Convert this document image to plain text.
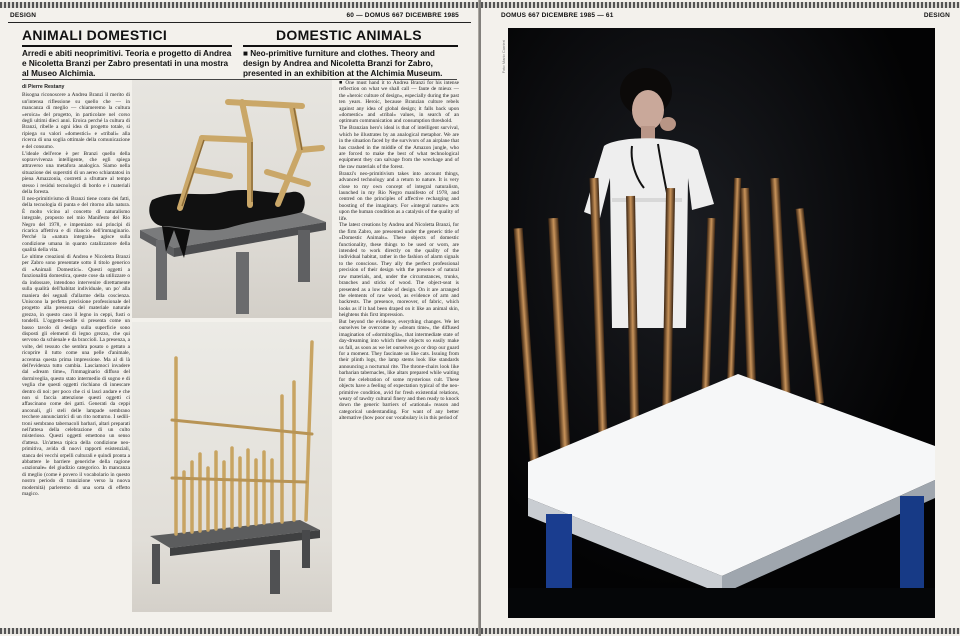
DESIGN	60 — DOMUS 667 DICEMBRE 1985
ANIMALI DOMESTICI	DOMESTIC ANIMALS
Arredi e abiti neoprimitivi. Teoria e progetto di Andrea e Nicoletta Branzi per Zabro presentati in una mostra al Museo Alchimia.
■ Neo-primitive furniture and clothes. Theory and design by Andrea and Nicoletta Branzi for Zabro, presented in an exhibition at the Alchimia Museum.
di Pierre Restany

Bisogna riconoscere a Andrea Branzi il merito di un'intensa riflessione su quello che — in mancanza di meglio — chiameremo la cultura «eroica» del progetto, in particolare nel corso degli ultimi dieci anni. Eroica perché la cultura di Branzi, ribelle a ogni idea di progetto totale, si ripiega su valori «domestici» e «tribali» alla ricerca di una soglia ottimale della comunicazione e del consumo.

L'ideale dell'eroe è per Branzi quello della sopravvivenza intelligente, che egli spiega attraverso una metafora analogica. Siamo nella situazione dei superstiti di un aereo schiantatosi in piena Amazzonia, costretti a sfruttare al tempo stesso i residui tecnologici di bordo e i materiali della foresta.

Il neo-primitivismo di Branzi tiene conto dei fatti, della tecnologia di punta e del ritorno alla natura. È molto vicino al concetto di naturalismo integrale, proposto nel mio Manifesto del Rio Negro del 1978, e impemiato sui principi di ricarica affettiva e di rilancio dell'immaginario. Perché la «natura integrale» agisce sulla condizione umana in quanto catalizzatore della qualità della vita.

Le ultime creazioni di Andrea e Nicoletta Branzi per Zabro sono presentate sotto il titolo generico di «Animali Domestici». Questi oggetti a funzionalità domestica, queste cose da utilizzare o da indossare, intendono intervenire direttamente sulla qualità dell'habitat individuale, un po' alla maniera dei segnali d'allarme della coscienza. Uniscono la perfetta precisione professionale del progetto alla presenza del materiale naturale grezzo, in questo caso il legno in ceppi, fusti o tondelli. L'oggetto-sedile si presenta come un basso tavolo di design sulla superficie sono disposti gli elementi di legno grezzo, che qui servono da schienale e da braccioli. La presenza, a volte, del tessuto che sembra posato o gettato a ricoprire il tutto come una pelle d'animale, accentua questa prima impressione. Ma al di là dell'evidenza tutto cambia. Lasciamoci invadere dal «dream time», l'immaginario diffuso del dormiveglia, questo stato intermedio di sogno e di veglia che questi oggetti rischiano di innescare dentro di noi: per poco che ci si lasci andare e che non si faccia attenzione questi oggetti ci affascinano come dei gatti. Generati da ceppi anconali, gli steli delle lampade sembrano tecchere annunciatrici di un rito notturno. I sedili-troni sembrano tabernacoli barbari, altari preparati nell'attesa della celebrazione di un culto misterioso. Questi oggetti emettono un senso d'attesa. Un'attesa tipica della condizione neo-primitiva, avida di nuovi rapporti esistenziali, stanca dei vecchi orpelli culturali e quindi pronta a abbattere le barriere generiche della ragione «razionale» del giudizio categorico. In mancanza di meglio (come è povero il vocabolario in questo nostro periodo di transizione verso la nuova modernità) parleremo di una sorta di effetto magico.

■ One must hand it to Andrea Branzi for his intense reflection on what we shall call — faute de mieux — the «heroic culture of design», especially during the past ten years. Heroic, because Branzian culture rebels against any idea of global design; it falls back upon «domestic» and «tribal» values, in search of an optimum communication and consumption threshold.

The Branzian hero's ideal is that of intelligent survival, which he illustrates by an analogical metaphor. We are in the situation faced by the survivors of an airplane that has crashed in the middle of the Amazon jungle, who are forced to make the best of what technological equipment they can salvage from the wreckage and of the raw materials of the forest.

Branzi's neo-primitivism takes into account things, advanced technology and a return to nature. It is very close to my own concept of integral naturalism, launched in my Rio Negro manifesto of 1978, and centred on the principles of affective recharging and boosting of the imaginary. For «integral nature» acts upon the human condition as a catalysis of the quality of life.

The latest creations by Andrea and Nicoletta Branzi, for the firm Zabro, are presented under the generic title of «Domestic Animals». These objects of domestic functionality, these things to be used or worn, are intended to work directly on the quality of the individual habitat, rather in the fashion of alarm signals to the conscious. They ally the perfect professional precision of their design with the presence of natural raw materials, and, under the circumstances, trunks, branches and sticks of wood. The object-seat is presented as a low table of design. On it are arranged the elements of raw wood, as evidence of arm and backrests. The presence, moreover, of fabric, which looks as if it had been draped on it like an animal skin, heightens this first impression.

But beyond the evidence, everything changes. We let ourselves be overcome by «dream time», the diffused imagination of «dormitoglia», that intermediate state of day-dreaming into which these objects so easily make us fall, as soon as we let ourselves go or drop our guard for a moment. They fascinate us like cats. Issuing from their plinth logs, the lamp stems look like standards announcing a nocturnal rite. The throne-chairs look like barbarian tabernacles, like altars prepared while waiting for the celebration of some mysterious cult. These objects have a feeling of expectation typical of the neo-primitive condition, avid for fresh existential relations, weary of tawdry cultural finery and then ready to knock down the generic barriers of «rational» reason and categorical understanding. For want of any better alternative (how poor our vocabulary is in this period of

DOMUS 667 DICEMBRE 1985 — 61	DESIGN
Foto Mario Carrieri
